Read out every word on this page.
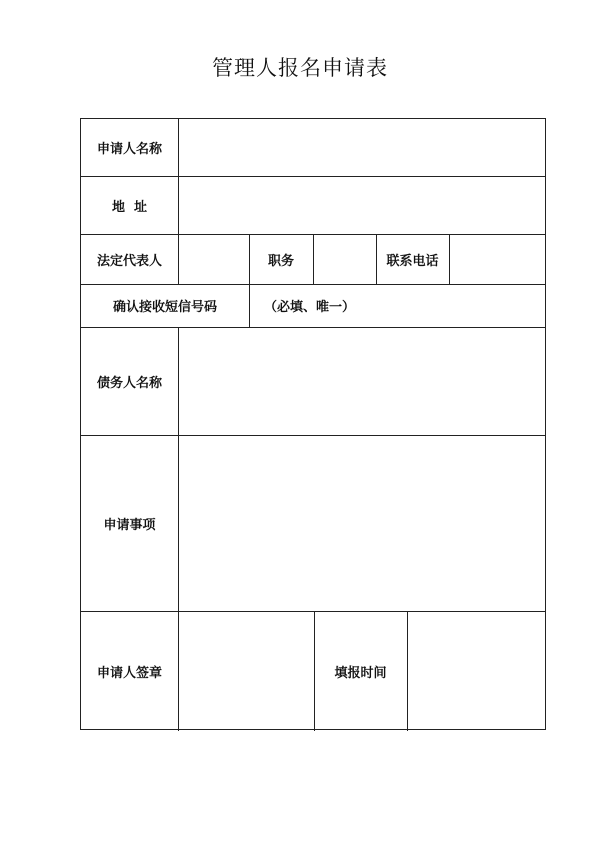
管理人报名申请表
申请人名称
地  址
法定代表人	职务	联系电话
确认接收短信号码	（必填、唯一）
债务人名称
申请事项
申请人签章	填报时间
